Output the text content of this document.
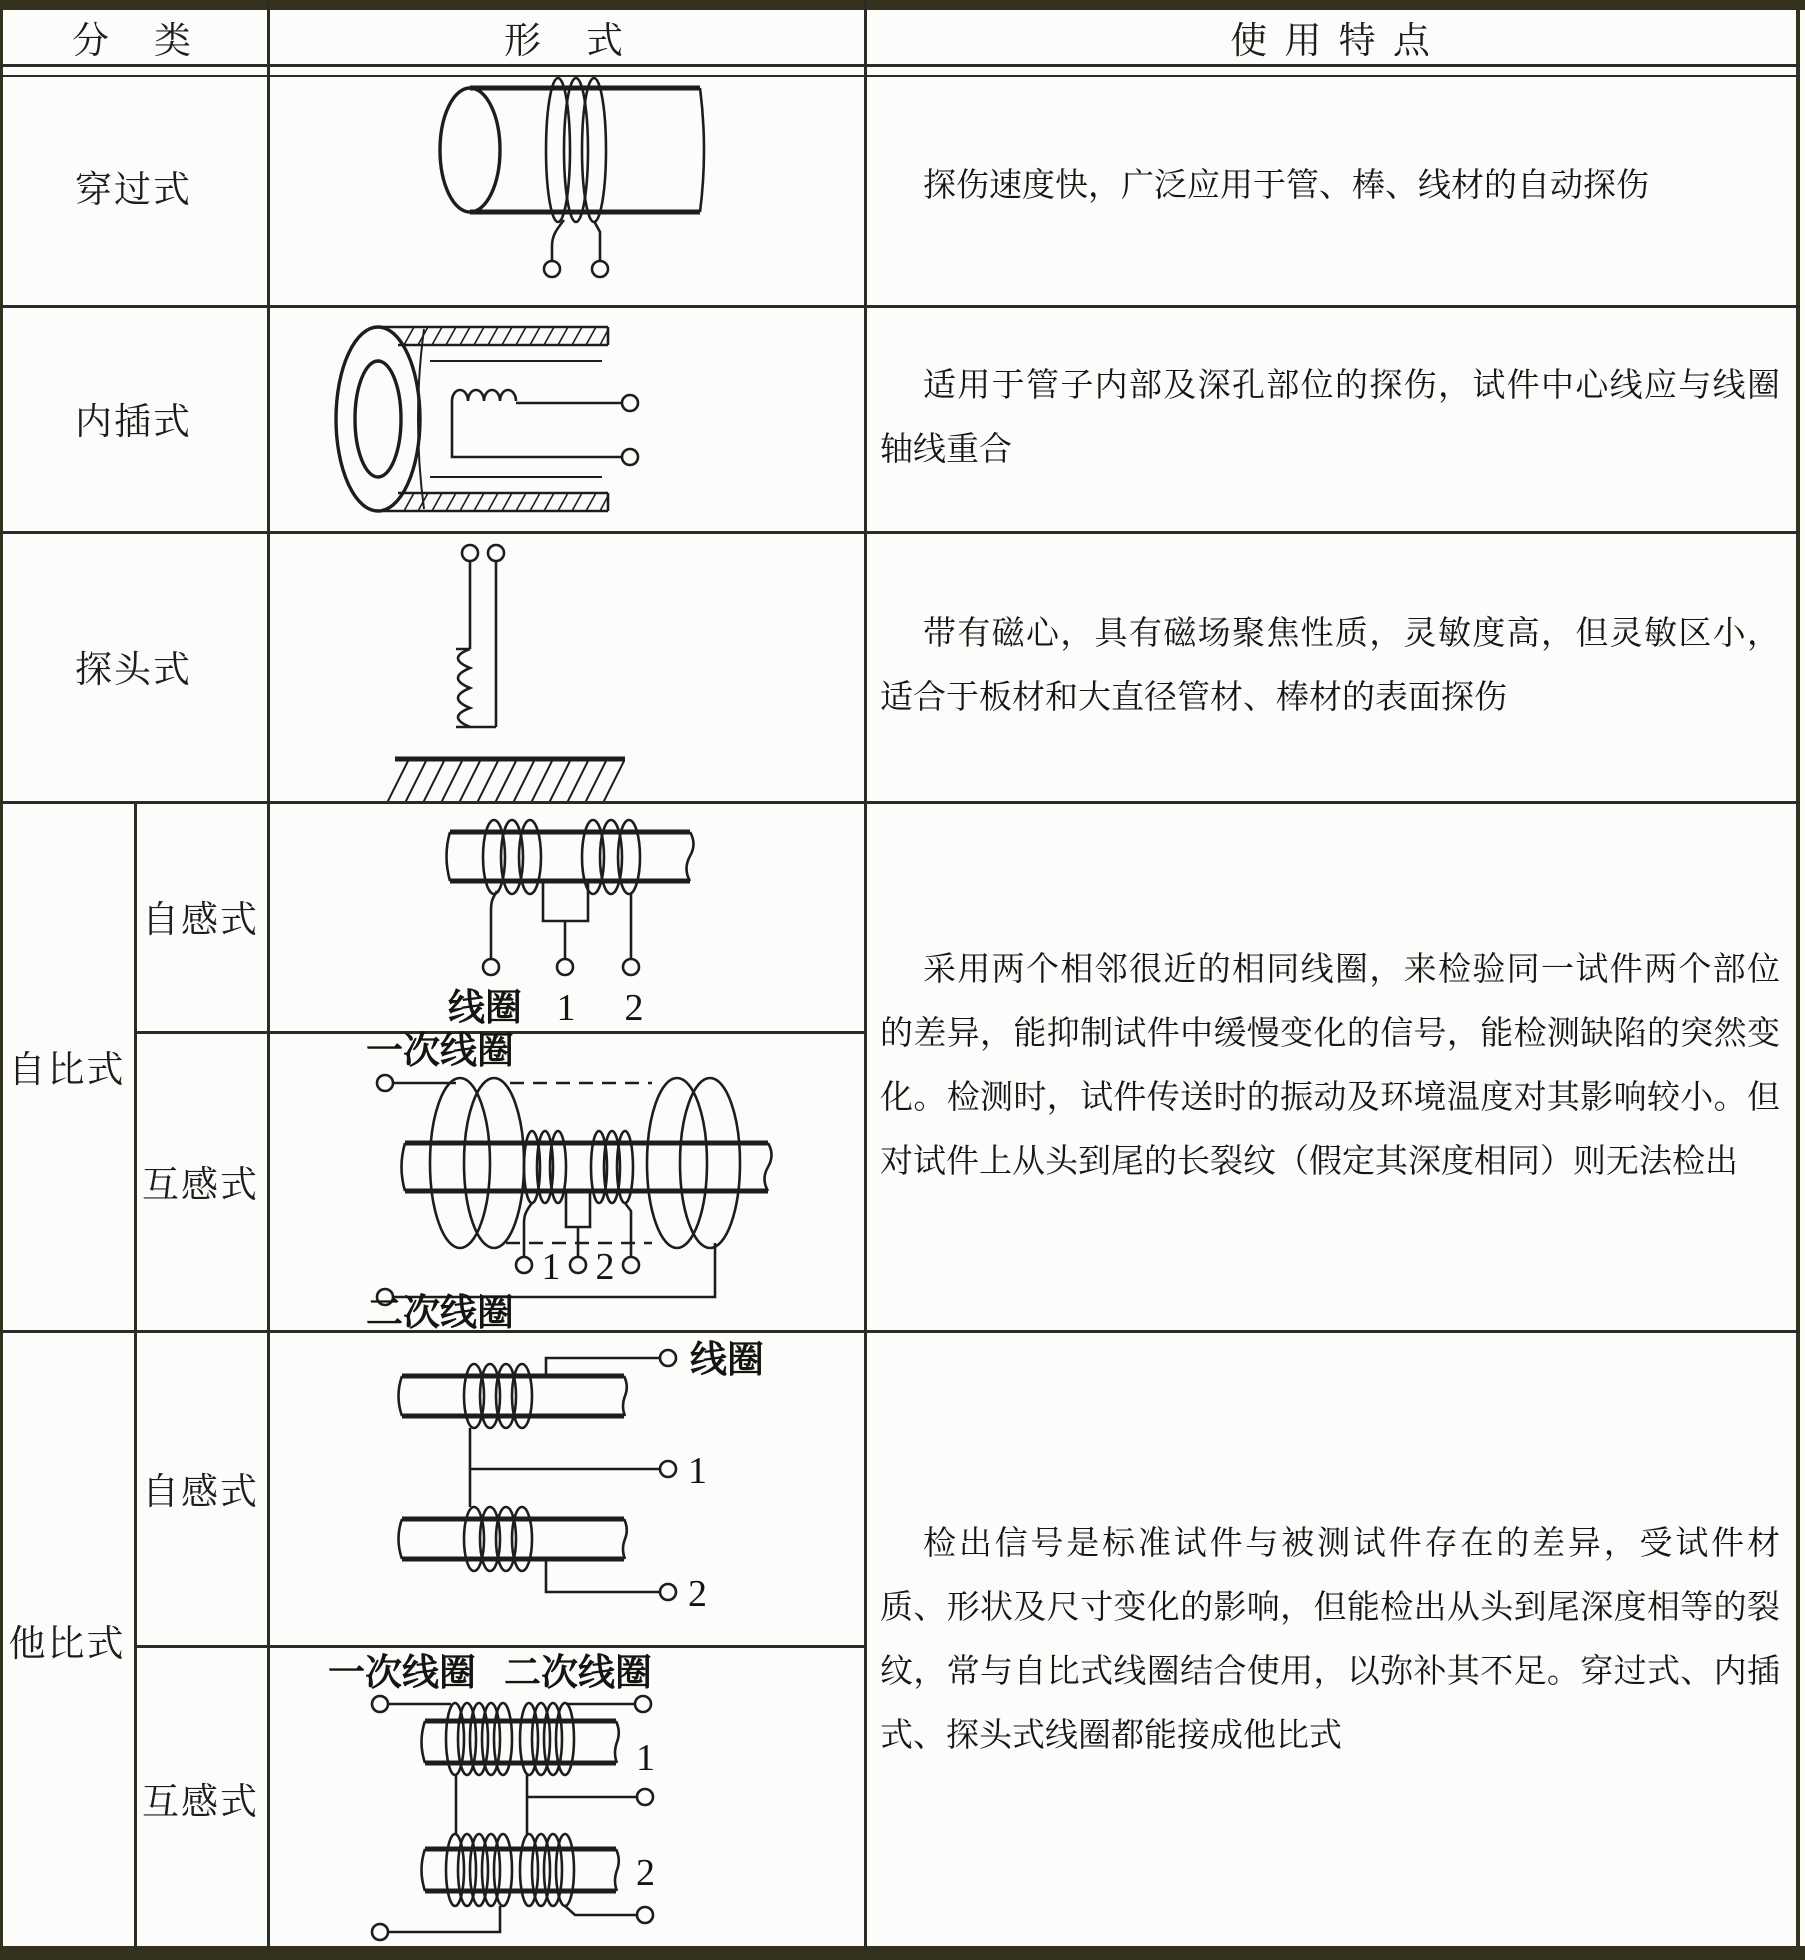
分　类	形　式	使 用 特 点
穿过式
内插式
探头式
自比式
自感式
互感式
他比式
自感式
互感式

探伤速度快，广泛应用于管、棒、线材的自动探伤

适用于管子内部及深孔部位的探伤，试件中心线应与线圈轴线重合

带有磁心，具有磁场聚焦性质，灵敏度高，但灵敏区小，适合于板材和大直径管材、棒材的表面探伤

采用两个相邻很近的相同线圈，来检验同一试件两个部位的差异，能抑制试件中缓慢变化的信号，能检测缺陷的突然变化。检测时，试件传送时的振动及环境温度对其影响较小。但对试件上从头到尾的长裂纹（假定其深度相同）则无法检出

检出信号是标准试件与被测试件存在的差异，受试件材质、形状及尺寸变化的影响，但能检出从头到尾深度相等的裂纹，常与自比式线圈结合使用，以弥补其不足。穿过式、内插式、探头式线圈都能接成他比式

线圈 1 2
一次线圈
1 2
二次线圈
线圈
1
2
一次线圈 二次线圈
1
2
